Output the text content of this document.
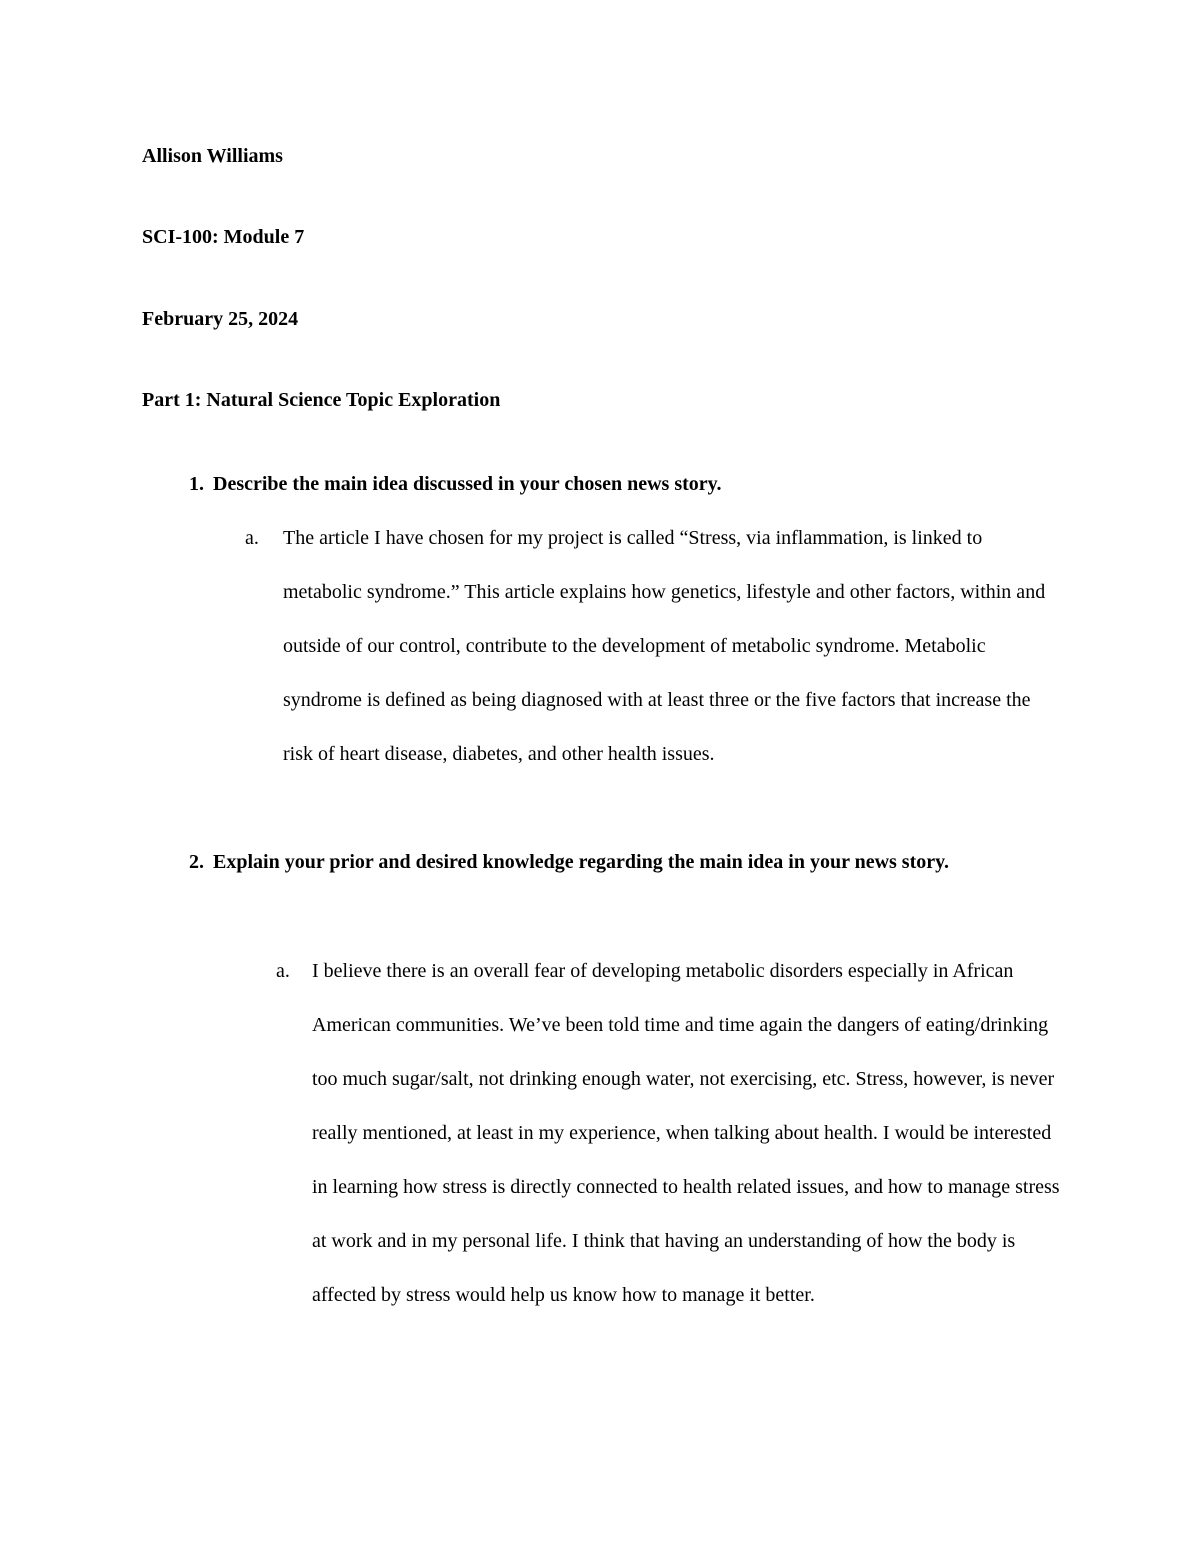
Allison Williams
SCI-100: Module 7
February 25, 2024
Part 1: Natural Science Topic Exploration
1. Describe the main idea discussed in your chosen news story.
a. The article I have chosen for my project is called “Stress, via inflammation, is linked to metabolic syndrome.” This article explains how genetics, lifestyle and other factors, within and outside of our control, contribute to the development of metabolic syndrome. Metabolic syndrome is defined as being diagnosed with at least three or the five factors that increase the risk of heart disease, diabetes, and other health issues.
2. Explain your prior and desired knowledge regarding the main idea in your news story.
a. I believe there is an overall fear of developing metabolic disorders especially in African American communities. We’ve been told time and time again the dangers of eating/drinking too much sugar/salt, not drinking enough water, not exercising, etc. Stress, however, is never really mentioned, at least in my experience, when talking about health. I would be interested in learning how stress is directly connected to health related issues, and how to manage stress at work and in my personal life. I think that having an understanding of how the body is affected by stress would help us know how to manage it better.
